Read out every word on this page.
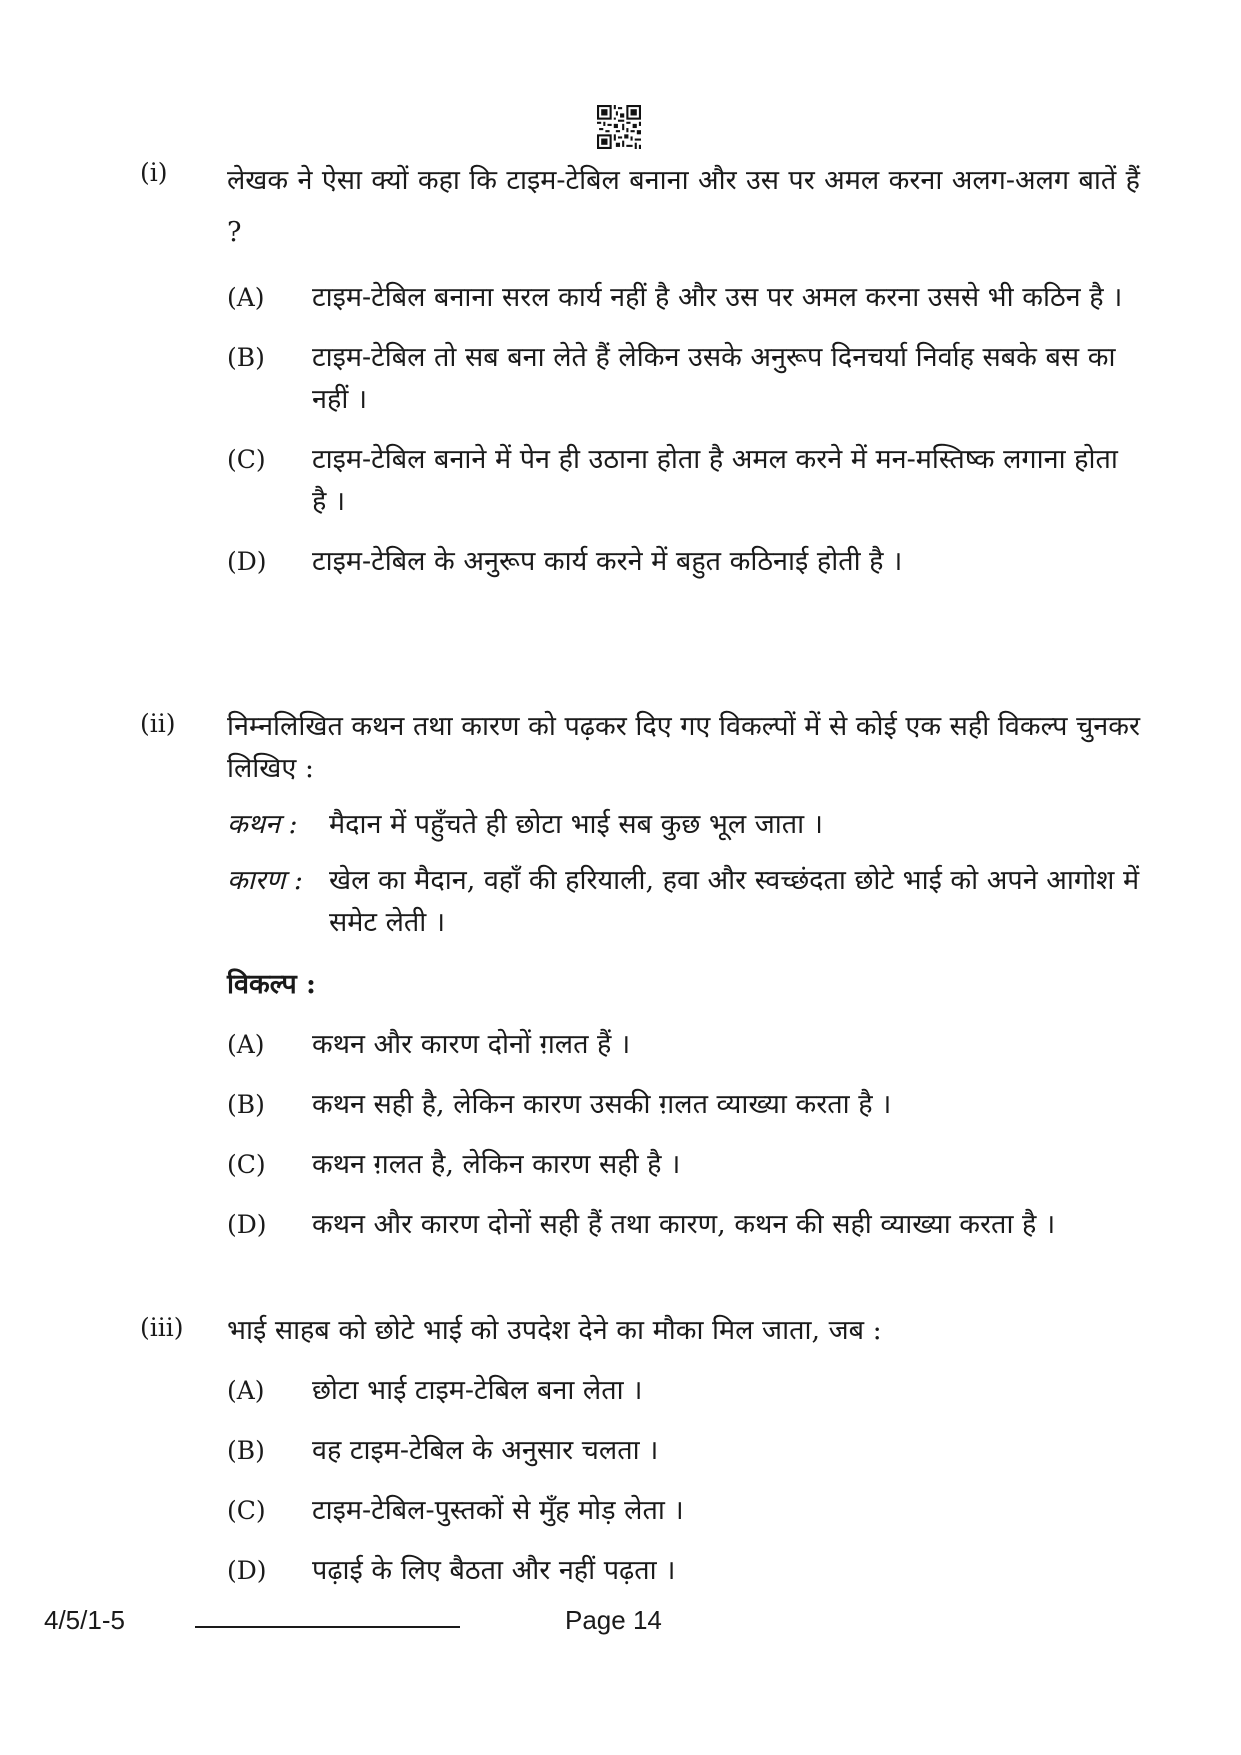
(i) लेखक ने ऐसा क्यों कहा कि टाइम-टेबिल बनाना और उस पर अमल करना अलग-अलग बातें हैं ?
(A)	टाइम-टेबिल बनाना सरल कार्य नहीं है और उस पर अमल करना उससे भी कठिन है ।
(B)	टाइम-टेबिल तो सब बना लेते हैं लेकिन उसके अनुरूप दिनचर्या निर्वाह सबके बस का नहीं ।
(C)	टाइम-टेबिल बनाने में पेन ही उठाना होता है अमल करने में मन-मस्तिष्क लगाना होता है ।
(D)	टाइम-टेबिल के अनुरूप कार्य करने में बहुत कठिनाई होती है ।
(ii) निम्नलिखित कथन तथा कारण को पढ़कर दिए गए विकल्पों में से कोई एक सही विकल्प चुनकर लिखिए :
कथन :	मैदान में पहुँचते ही छोटा भाई सब कुछ भूल जाता ।
कारण : खेल का मैदान, वहाँ की हरियाली, हवा और स्वच्छंदता छोटे भाई को अपने आगोश में समेट लेती ।
विकल्प :
(A)	कथन और कारण दोनों ग़लत हैं ।
(B)	कथन सही है, लेकिन कारण उसकी ग़लत व्याख्या करता है ।
(C)	कथन ग़लत है, लेकिन कारण सही है ।
(D)	कथन और कारण दोनों सही हैं तथा कारण, कथन की सही व्याख्या करता है ।
(iii) भाई साहब को छोटे भाई को उपदेश देने का मौका मिल जाता, जब :
(A)	छोटा भाई टाइम-टेबिल बना लेता ।
(B)	वह टाइम-टेबिल के अनुसार चलता ।
(C)	टाइम-टेबिल-पुस्तकों से मुँह मोड़ लेता ।
(D)	पढ़ाई के लिए बैठता और नहीं पढ़ता ।
4/5/1-5	Page 14
